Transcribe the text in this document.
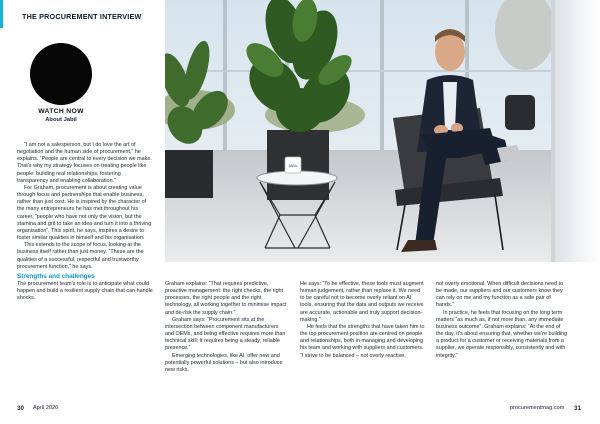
THE PROCUREMENT INTERVIEW
JABIL
WATCH NOW
About Jabil

“I am not a salesperson, but I do love the art of negotiation and the human side of procurement,” he explains. “People are central to every decision we make. That’s why my strategy focuses on treating people like people: building real relationships, fostering transparency and enabling collaboration.”

For Graham, procurement is about creating value through focus and partnerships that enable business, rather than just cost. He is inspired by the character of the many entrepreneurs he has met throughout his career, “people who have not only the vision, but the stamina and grit to take an idea and turn it into a thriving organisation”. This spirit, he says, inspires a desire to foster similar qualities in himself and his organisation.

This extends to the scope of focus, looking at the business itself rather than just money. “These are the qualities of a successful, respectful and trustworthy procurement function,” he says.

Strengths and challenges

The procurement team’s role is to anticipate what could happen and build a resilient supply chain that can handle shocks.

Graham explains: “That requires predictive, proactive management: the right checks, the right processes, the right people and the right technology, all working together to minimise impact and de-risk the supply chain.”

Graham says: “Procurement sits at the intersection between component manufacturers and OEMs, and being effective requires more than technical skill; it requires being a steady, reliable presence.”

Emerging technologies, like AI, offer new and potentially powerful solutions – but also introduce new risks.

He says: “To be effective, these tools must augment human judgement, rather than replace it. We need to be careful not to become overly reliant on AI tools, ensuring that the data and outputs we receive are accurate, actionable and truly support decision-making.”

He feels that the strengths that have taken him to the top procurement position are centred on people and relationships, both in managing and developing his team and working with suppliers and customers. “I strive to be balanced – not overly reactive,

not overly emotional. When difficult decisions need to be made, our suppliers and our customers know they can rely on me and my function as a safe pair of hands.”

In practice, he feels that focusing on the long term matters “as much as, if not more than, any immediate business outcome”. Graham explains: “At the end of the day, it’s about ensuring that, whether we’re building a product for a customer or receiving materials from a supplier, we operate responsibly, consistently and with integrity.”

30 April 2026	procurementmag.com 31
